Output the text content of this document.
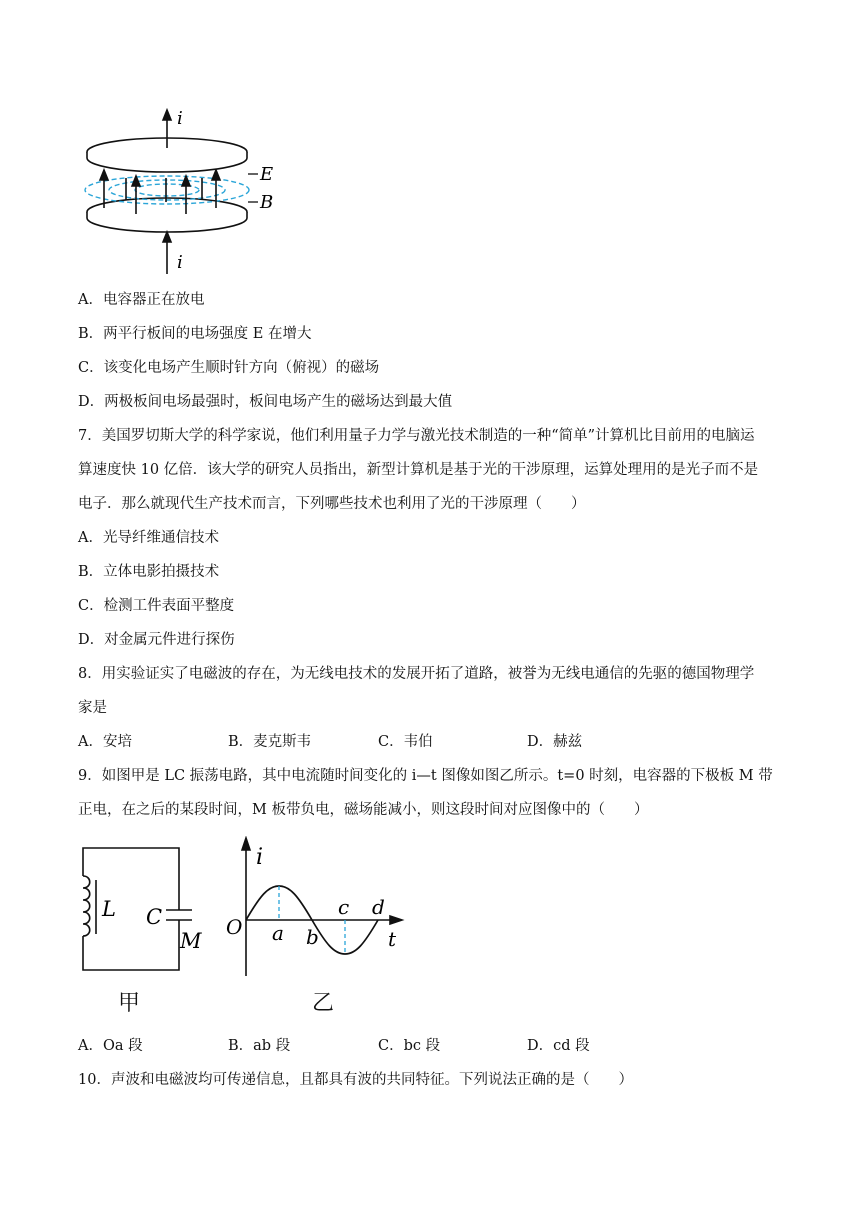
i
i
E
B
A．电容器正在放电
B．两平行板间的电场强度 E 在增大
C．该变化电场产生顺时针方向（俯视）的磁场
D．两极板间电场最强时，板间电场产生的磁场达到最大值
7．美国罗切斯大学的科学家说，他们利用量子力学与激光技术制造的一种“简单”计算机比目前用的电脑运
算速度快 10 亿倍．该大学的研究人员指出，新型计算机是基于光的干涉原理，运算处理用的是光子而不是
电子．那么就现代生产技术而言，下列哪些技术也利用了光的干涉原理（　　）
A．光导纤维通信技术
B．立体电影拍摄技术
C．检测工件表面平整度
D．对金属元件进行探伤
8．用实验证实了电磁波的存在，为无线电技术的发展开拓了道路，被誉为无线电通信的先驱的德国物理学
家是
A．安培	B．麦克斯韦	C．韦伯	D．赫兹
9．如图甲是 LC 振荡电路，其中电流随时间变化的 i—t 图像如图乙所示。t=0 时刻，电容器的下极板 M 带
正电，在之后的某段时间，M 板带负电，磁场能减小，则这段时间对应图像中的（　　）
L C
M
甲
i
O a b
c d
t
乙
A．Oa 段	B．ab 段	C．bc 段	D．cd 段
10．声波和电磁波均可传递信息，且都具有波的共同特征。下列说法正确的是（　　）
